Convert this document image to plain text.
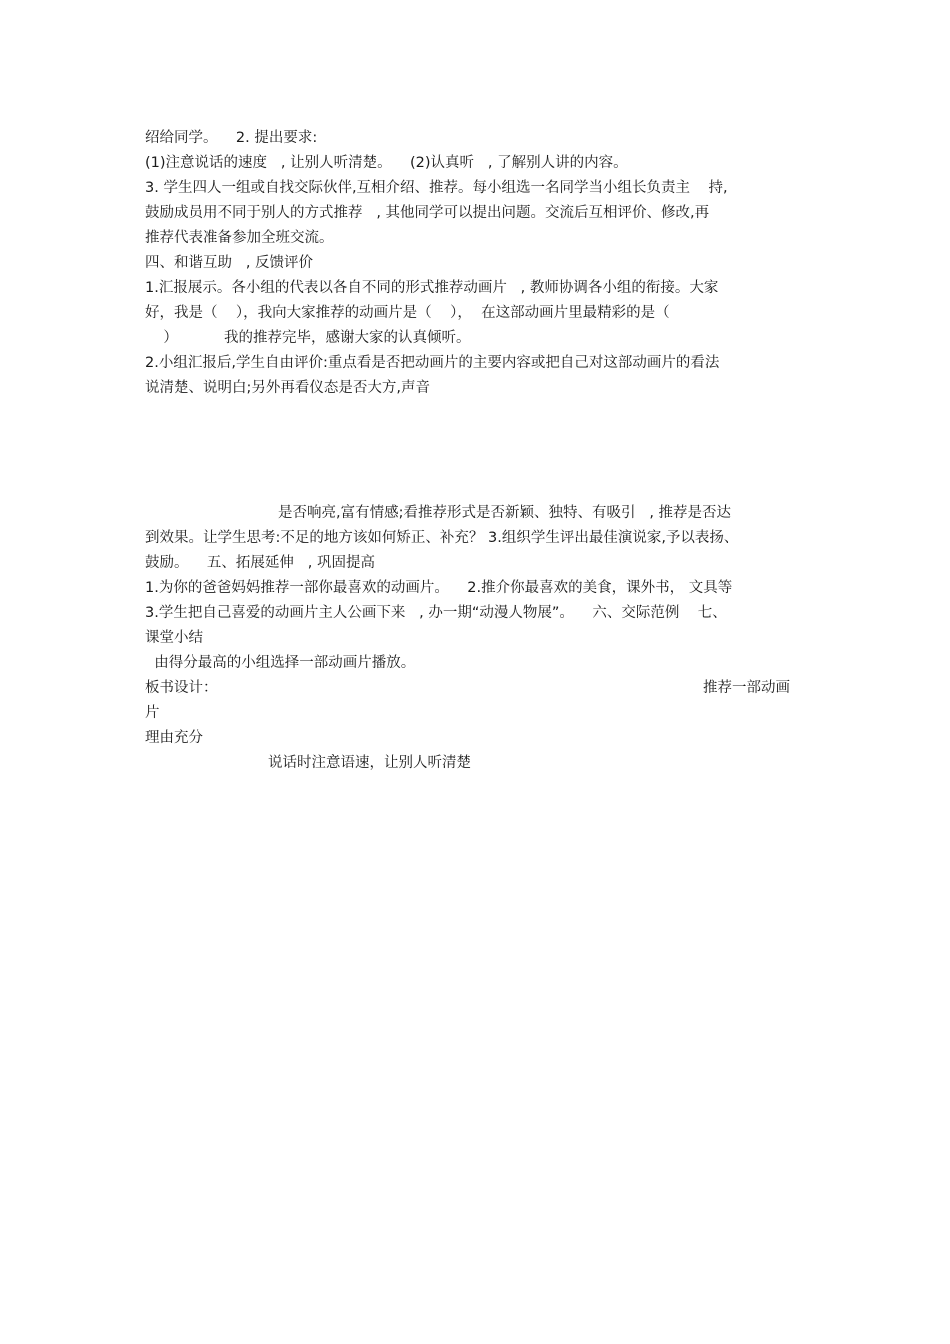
绍给同学。    2. 提出要求:
(1)注意说话的速度   , 让别人听清楚。    (2)认真听   , 了解别人讲的内容。
3. 学生四人一组或自找交际伙伴,互相介绍、推荐。每小组选一名同学当小组长负责主    持,
鼓励成员用不同于别人的方式推荐   , 其他同学可以提出问题。交流后互相评价、修改,再
推荐代表准备参加全班交流。
四、和谐互助   , 反馈评价
1.汇报展示。各小组的代表以各自不同的形式推荐动画片   , 教师协调各小组的衔接。大家
好，我是（    ），我向大家推荐的动画片是（    ），  在这部动画片里最精彩的是（
）          我的推荐完毕，感谢大家的认真倾听。
2.小组汇报后,学生自由评价:重点看是否把动画片的主要内容或把自己对这部动画片的看法
说清楚、说明白;另外再看仪态是否大方,声音
是否响亮,富有情感;看推荐形式是否新颖、独特、有吸引   , 推荐是否达
到效果。让学生思考:不足的地方该如何矫正、补充？ 3.组织学生评出最佳演说家,予以表扬、
鼓励。    五、拓展延伸   , 巩固提高
1.为你的爸爸妈妈推荐一部你最喜欢的动画片。    2.推介你最喜欢的美食，课外书， 文具等
3.学生把自己喜爱的动画片主人公画下来   , 办一期“动漫人物展”。    六、交际范例    七、
课堂小结
由得分最高的小组选择一部动画片播放。
板书设计：	推荐一部动画
片
理由充分
说话时注意语速，让别人听清楚
